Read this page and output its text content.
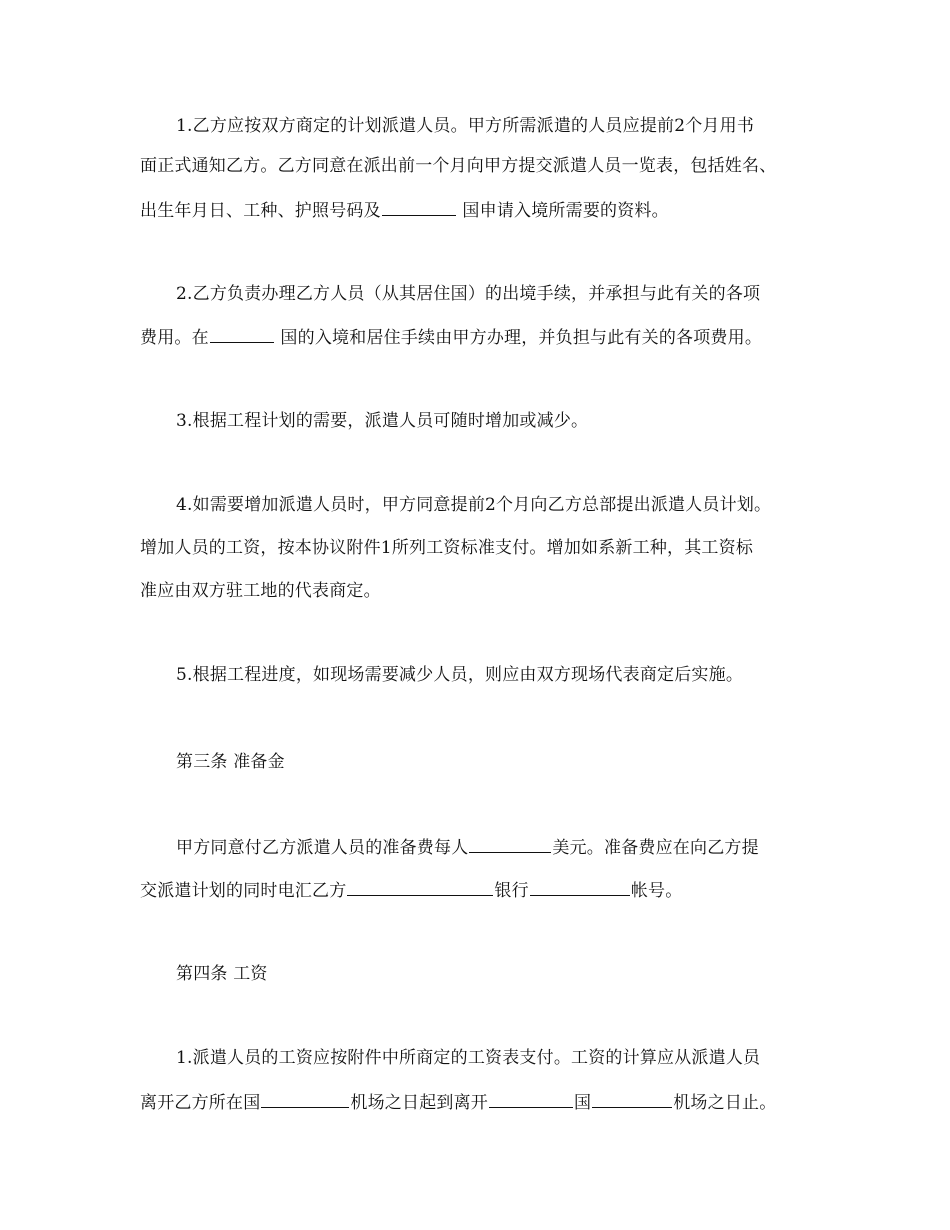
1.乙方应按双方商定的计划派遣人员。甲方所需派遣的人员应提前2个月用书
面正式通知乙方。乙方同意在派出前一个月向甲方提交派遣人员一览表，包括姓名、
出生年月日、工种、护照号码及	国申请入境所需要的资料。
2.乙方负责办理乙方人员（从其居住国）的出境手续，并承担与此有关的各项
费用。在	国的入境和居住手续由甲方办理，并负担与此有关的各项费用。
3.根据工程计划的需要，派遣人员可随时增加或减少。
4.如需要增加派遣人员时，甲方同意提前2个月向乙方总部提出派遣人员计划。
增加人员的工资，按本协议附件1所列工资标准支付。增加如系新工种，其工资标
准应由双方驻工地的代表商定。
5.根据工程进度，如现场需要减少人员，则应由双方现场代表商定后实施。
第三条 准备金
甲方同意付乙方派遣人员的准备费每人	美元。准备费应在向乙方提
交派遣计划的同时电汇乙方	银行	帐号。
第四条 工资
1.派遣人员的工资应按附件中所商定的工资表支付。工资的计算应从派遣人员
离开乙方所在国	机场之日起到离开	国	机场之日止。
